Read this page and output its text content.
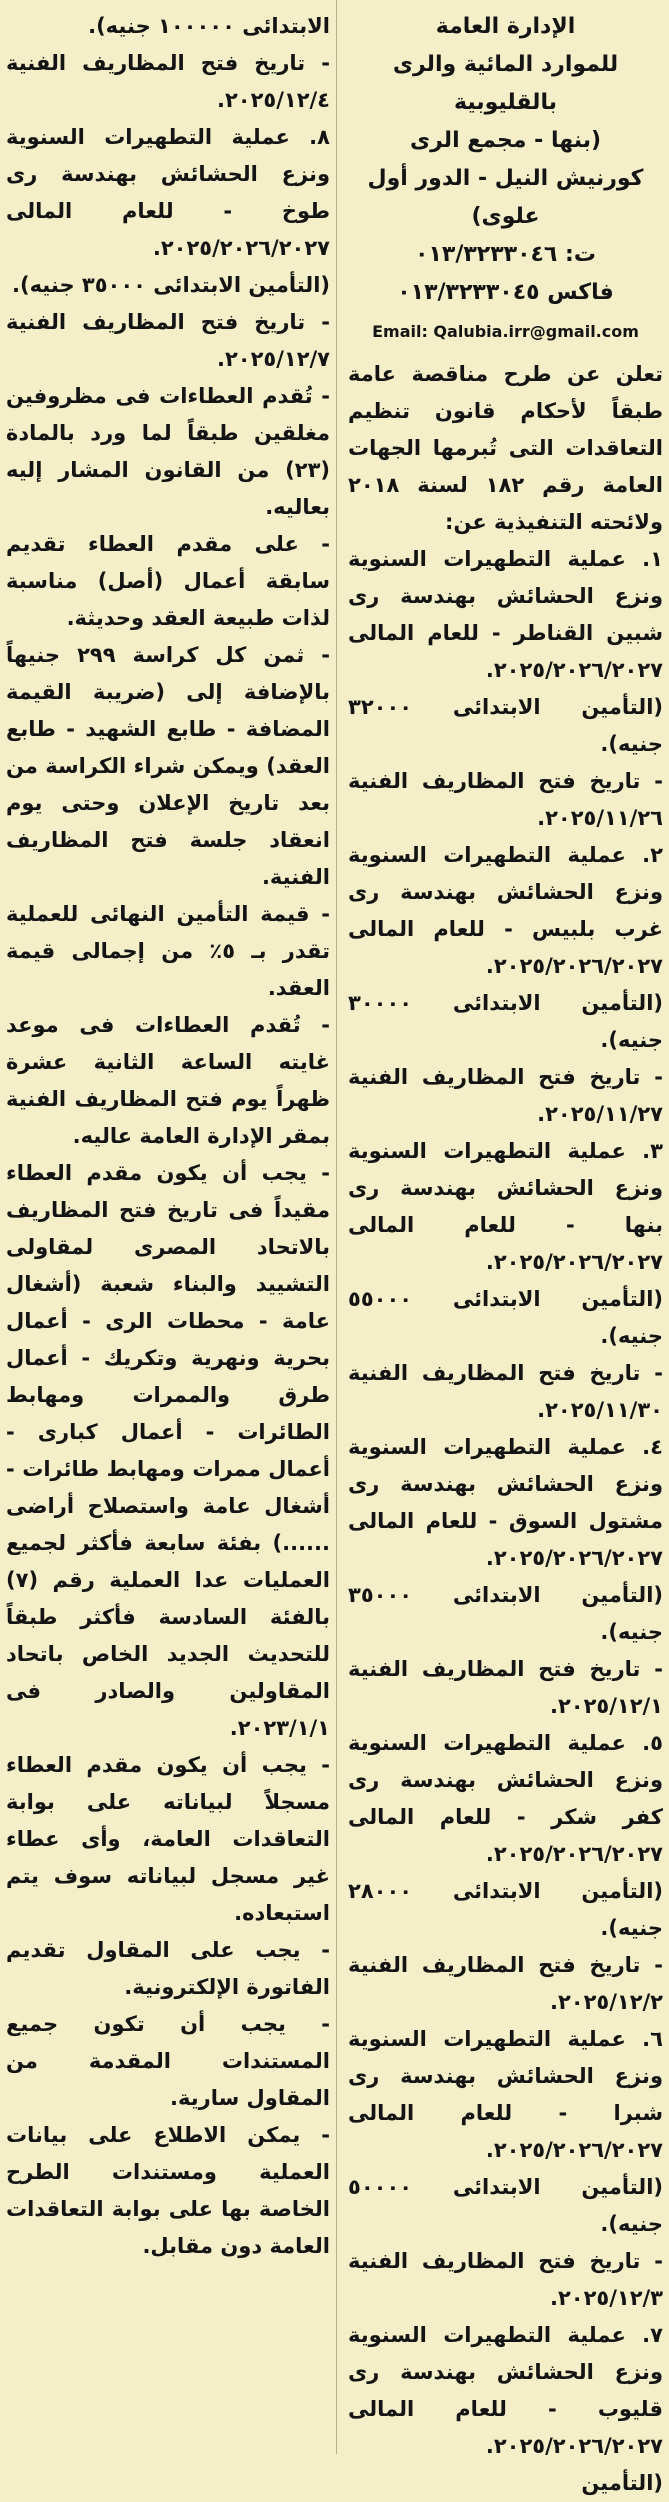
الإدارة العامة
للموارد المائية والرى بالقليوبية
(بنها - مجمع الرى
كورنيش النيل - الدور أول
علوى)
ت: ٠١٣/٣٢٣٣٠٤٦
فاكس ٠١٣/٣٢٣٣٠٤٥
Email: Qalubia.irr@gmail.com

تعلن عن طرح مناقصة عامة طبقاً لأحكام قانون تنظيم التعاقدات التى تُبرمها الجهات العامة رقم ١٨٢ لسنة ٢٠١٨ ولائحته التنفيذية عن:

١. عملية التطهيرات السنوية ونزع الحشائش بهندسة رى شبين القناطر - للعام المالى ٢٠٢٥/٢٠٢٦/٢٠٢٧.

(التأمين الابتدائى ٣٢٠٠٠ جنيه).

- تاريخ فتح المظاريف الفنية ٢٠٢٥/١١/٢٦.

٢. عملية التطهيرات السنوية ونزع الحشائش بهندسة رى غرب بلبيس - للعام المالى ٢٠٢٥/٢٠٢٦/٢٠٢٧.

(التأمين الابتدائى ٣٠٠٠٠ جنيه).

- تاريخ فتح المظاريف الفنية ٢٠٢٥/١١/٢٧.

٣. عملية التطهيرات السنوية ونزع الحشائش بهندسة رى بنها - للعام المالى ٢٠٢٥/٢٠٢٦/٢٠٢٧.

(التأمين الابتدائى ٥٥٠٠٠ جنيه).

- تاريخ فتح المظاريف الفنية ٢٠٢٥/١١/٣٠.

٤. عملية التطهيرات السنوية ونزع الحشائش بهندسة رى مشتول السوق - للعام المالى ٢٠٢٥/٢٠٢٦/٢٠٢٧.

(التأمين الابتدائى ٣٥٠٠٠ جنيه).

- تاريخ فتح المظاريف الفنية ٢٠٢٥/١٢/١.

٥. عملية التطهيرات السنوية ونزع الحشائش بهندسة رى كفر شكر - للعام المالى ٢٠٢٥/٢٠٢٦/٢٠٢٧.

(التأمين الابتدائى ٢٨٠٠٠ جنيه).

- تاريخ فتح المظاريف الفنية ٢٠٢٥/١٢/٢.

٦. عملية التطهيرات السنوية ونزع الحشائش بهندسة رى شبرا - للعام المالى ٢٠٢٥/٢٠٢٦/٢٠٢٧.

(التأمين الابتدائى ٥٠٠٠٠ جنيه).

- تاريخ فتح المظاريف الفنية ٢٠٢٥/١٢/٣.

٧. عملية التطهيرات السنوية ونزع الحشائش بهندسة رى قليوب - للعام المالى ٢٠٢٥/٢٠٢٦/٢٠٢٧.

(التأمين

الابتدائى ١٠٠٠٠٠ جنيه).

- تاريخ فتح المظاريف الفنية ٢٠٢٥/١٢/٤.

٨. عملية التطهيرات السنوية ونزع الحشائش بهندسة رى طوخ - للعام المالى ٢٠٢٥/٢٠٢٦/٢٠٢٧.

(التأمين الابتدائى ٣٥٠٠٠ جنيه).

- تاريخ فتح المظاريف الفنية ٢٠٢٥/١٢/٧.

- تُقدم العطاءات فى مظروفين مغلقين طبقاً لما ورد بالمادة (٢٣) من القانون المشار إليه بعاليه.

- على مقدم العطاء تقديم سابقة أعمال (أصل) مناسبة لذات طبيعة العقد وحديثة.

- ثمن كل كراسة ٢٩٩ جنيهاً بالإضافة إلى (ضريبة القيمة المضافة - طابع الشهيد - طابع العقد) ويمكن شراء الكراسة من بعد تاريخ الإعلان وحتى يوم انعقاد جلسة فتح المظاريف الفنية.

- قيمة التأمين النهائى للعملية تقدر بـ ٥٪ من إجمالى قيمة العقد.

- تُقدم العطاءات فى موعد غايته الساعة الثانية عشرة ظهراً يوم فتح المظاريف الفنية بمقر الإدارة العامة عاليه.

- يجب أن يكون مقدم العطاء مقيداً فى تاريخ فتح المظاريف بالاتحاد المصرى لمقاولى التشييد والبناء شعبة (أشغال عامة - محطات الرى - أعمال بحرية ونهرية وتكريك - أعمال طرق والممرات ومهابط الطائرات - أعمال كبارى - أعمال ممرات ومهابط طائرات - أشغال عامة واستصلاح أراضى ......) بفئة سابعة فأكثر لجميع العمليات عدا العملية رقم (٧) بالفئة السادسة فأكثر طبقاً للتحديث الجديد الخاص باتحاد المقاولين والصادر فى ٢٠٢٣/١/١.

- يجب أن يكون مقدم العطاء مسجلاً لبياناته على بوابة التعاقدات العامة، وأى عطاء غير مسجل لبياناته سوف يتم استبعاده.

- يجب على المقاول تقديم الفاتورة الإلكترونية.

- يجب أن تكون جميع المستندات المقدمة من المقاول سارية.

- يمكن الاطلاع على بيانات العملية ومستندات الطرح الخاصة بها على بوابة التعاقدات العامة دون مقابل.
